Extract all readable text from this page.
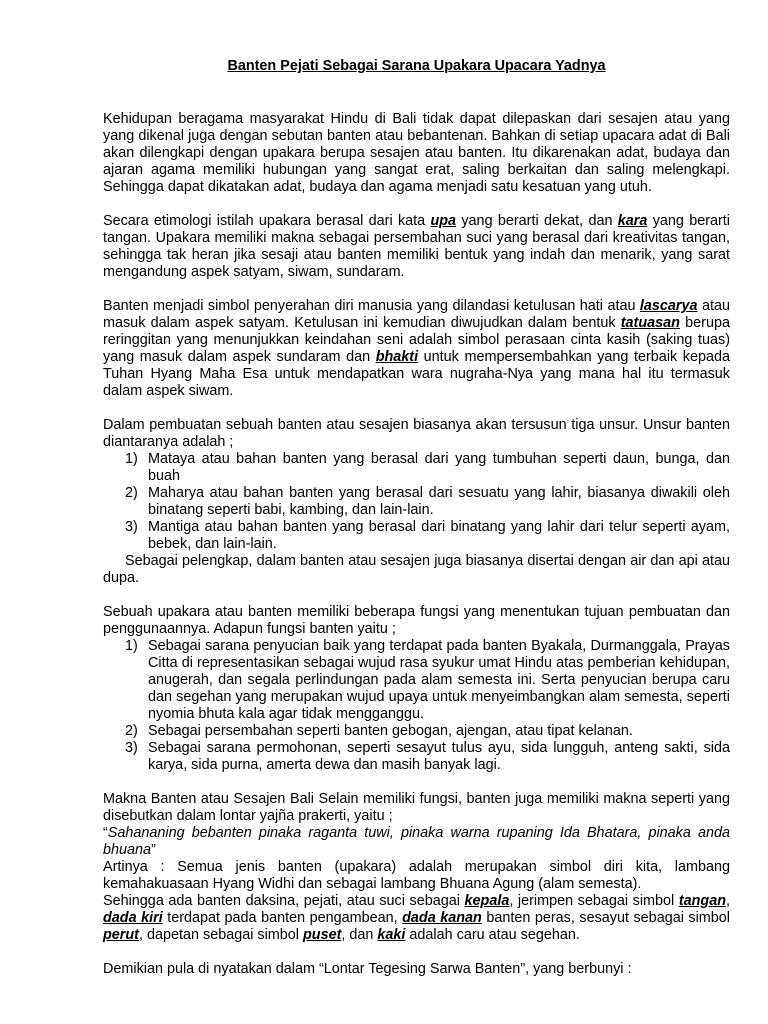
Banten Pejati Sebagai Sarana Upakara Upacara Yadnya

Kehidupan beragama masyarakat Hindu di Bali tidak dapat dilepaskan dari sesajen atau yang yang dikenal juga dengan sebutan banten atau bebantenan. Bahkan di setiap upacara adat di Bali akan dilengkapi dengan upakara berupa sesajen atau banten. Itu dikarenakan adat, budaya dan ajaran agama memiliki hubungan yang sangat erat, saling berkaitan dan saling melengkapi. Sehingga dapat dikatakan adat, budaya dan agama menjadi satu kesatuan yang utuh.

Secara etimologi istilah upakara berasal dari kata upa yang berarti dekat, dan kara yang berarti tangan. Upakara memiliki makna sebagai persembahan suci yang berasal dari kreativitas tangan, sehingga tak heran jika sesaji atau banten memiliki bentuk yang indah dan menarik, yang sarat mengandung aspek satyam, siwam, sundaram.

Banten menjadi simbol penyerahan diri manusia yang dilandasi ketulusan hati atau lascarya atau masuk dalam aspek satyam. Ketulusan ini kemudian diwujudkan dalam bentuk tatuasan berupa reringgitan yang menunjukkan keindahan seni adalah simbol perasaan cinta kasih (saking tuas) yang masuk dalam aspek sundaram dan bhakti untuk mempersembahkan yang terbaik kepada Tuhan Hyang Maha Esa untuk mendapatkan wara nugraha-Nya yang mana hal itu termasuk dalam aspek siwam.

Dalam pembuatan sebuah banten atau sesajen biasanya akan tersusun tiga unsur. Unsur banten diantaranya adalah ;

1) Mataya atau bahan banten yang berasal dari yang tumbuhan seperti daun, bunga, dan buah
2) Maharya atau bahan banten yang berasal dari sesuatu yang lahir, biasanya diwakili oleh binatang seperti babi, kambing, dan lain-lain.
3) Mantiga atau bahan banten yang berasal dari binatang yang lahir dari telur seperti ayam, bebek, dan lain-lain.

Sebagai pelengkap, dalam banten atau sesajen juga biasanya disertai dengan air dan api atau dupa.

Sebuah upakara atau banten memiliki beberapa fungsi yang menentukan tujuan pembuatan dan penggunaannya. Adapun fungsi banten yaitu ;

1) Sebagai sarana penyucian baik yang terdapat pada banten Byakala, Durmanggala, Prayas Citta di representasikan sebagai wujud rasa syukur umat Hindu atas pemberian kehidupan, anugerah, dan segala perlindungan pada alam semesta ini. Serta penyucian berupa caru dan segehan yang merupakan wujud upaya untuk menyeimbangkan alam semesta, seperti nyomia bhuta kala agar tidak mengganggu.
2) Sebagai persembahan seperti banten gebogan, ajengan, atau tipat kelanan.
3) Sebagai sarana permohonan, seperti sesayut tulus ayu, sida lungguh, anteng sakti, sida karya, sida purna, amerta dewa dan masih banyak lagi.

Makna Banten atau Sesajen Bali Selain memiliki fungsi, banten juga memiliki makna seperti yang disebutkan dalam lontar yajña prakerti, yaitu ;

“Sahananing bebanten pinaka raganta tuwi, pinaka warna rupaning Ida Bhatara, pinaka anda bhuana”

Artinya : Semua jenis banten (upakara) adalah merupakan simbol diri kita, lambang kemahakuasaan Hyang Widhi dan sebagai lambang Bhuana Agung (alam semesta).

Sehingga ada banten daksina, pejati, atau suci sebagai kepala, jerimpen sebagai simbol tangan, dada kiri terdapat pada banten pengambean, dada kanan banten peras, sesayut sebagai simbol perut, dapetan sebagai simbol puset, dan kaki adalah caru atau segehan.

Demikian pula di nyatakan dalam “Lontar Tegesing Sarwa Banten”, yang berbunyi :
